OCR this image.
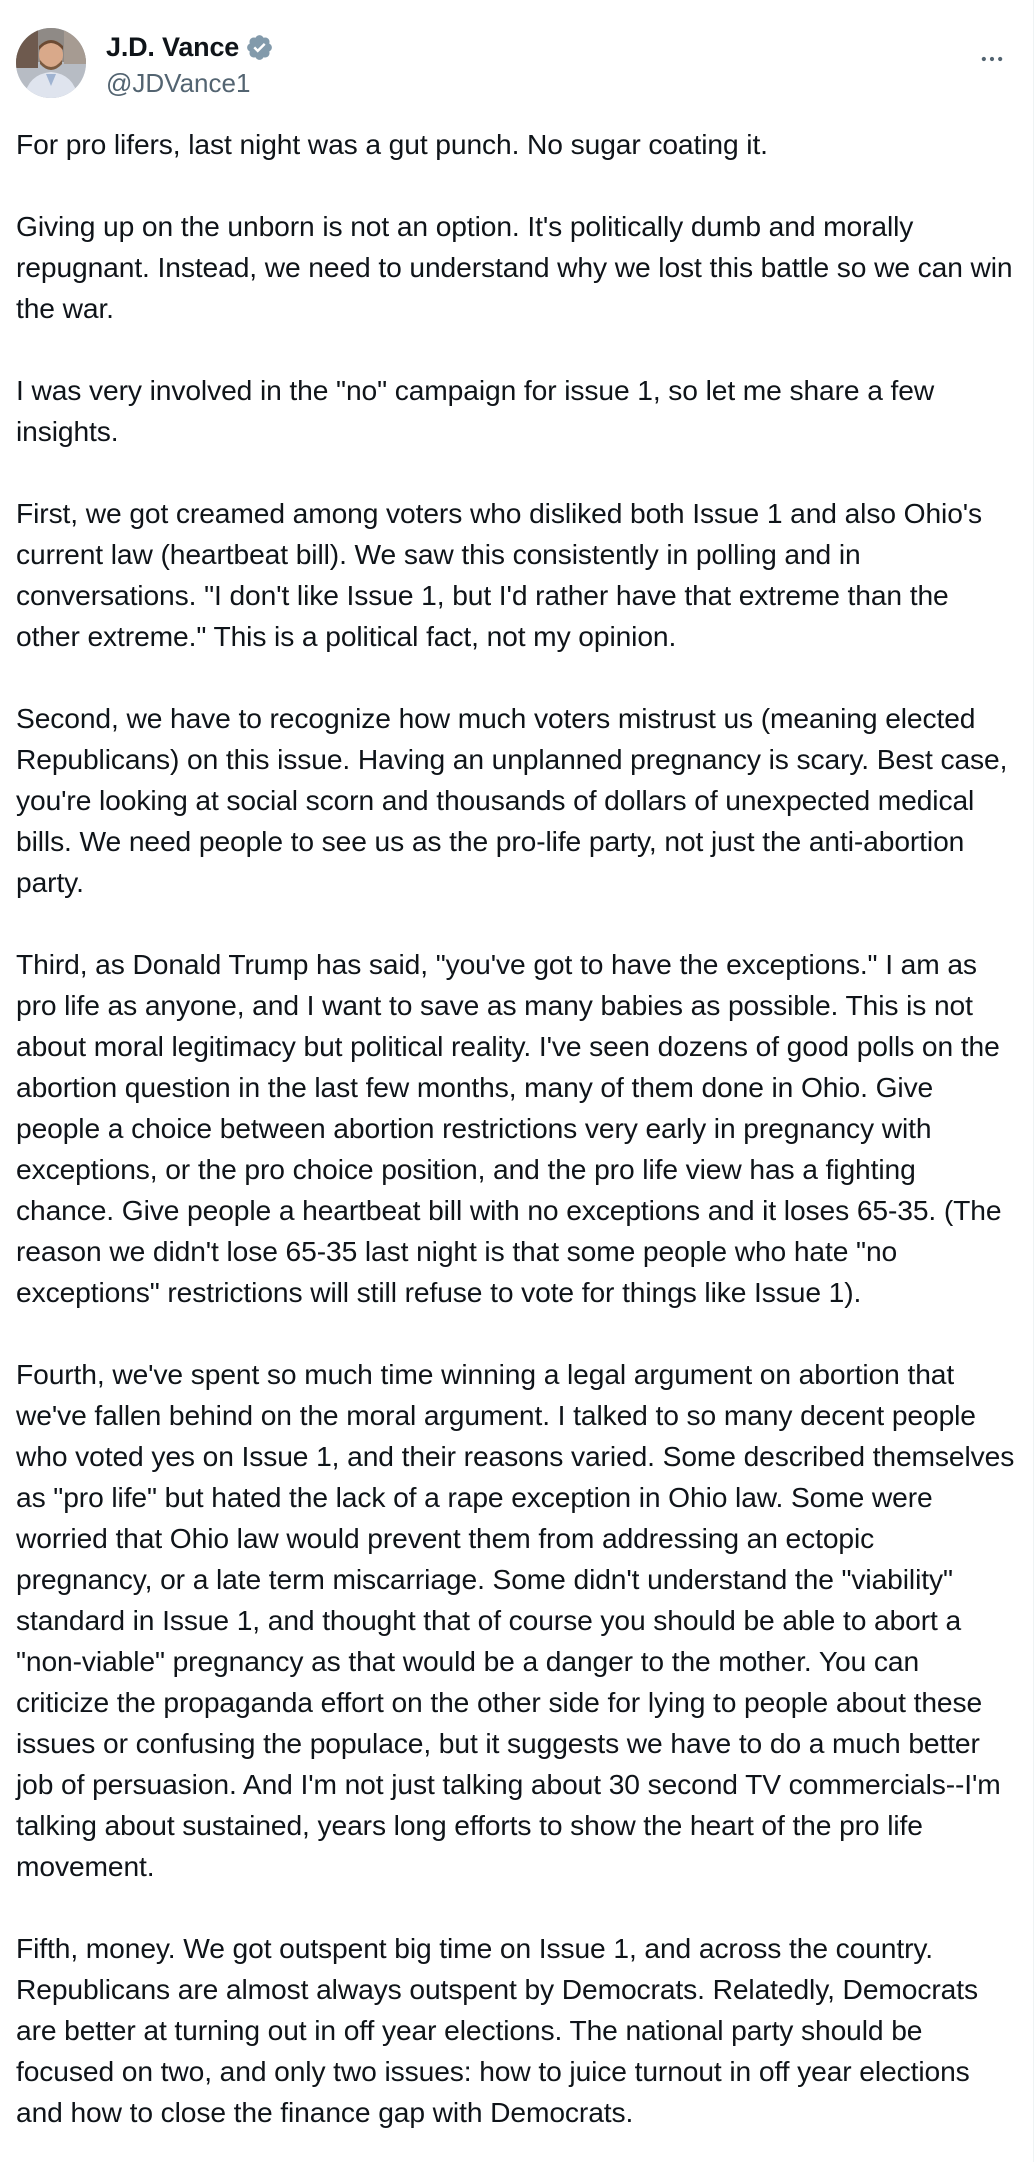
J.D. Vance
@JDVance1

For pro lifers, last night was a gut punch. No sugar coating it.

Giving up on the unborn is not an option. It's politically dumb and morally repugnant. Instead, we need to understand why we lost this battle so we can win the war.

I was very involved in the "no" campaign for issue 1, so let me share a few insights.

First, we got creamed among voters who disliked both Issue 1 and also Ohio's current law (heartbeat bill). We saw this consistently in polling and in conversations. "I don't like Issue 1, but I'd rather have that extreme than the other extreme." This is a political fact, not my opinion.

Second, we have to recognize how much voters mistrust us (meaning elected Republicans) on this issue. Having an unplanned pregnancy is scary. Best case, you're looking at social scorn and thousands of dollars of unexpected medical bills. We need people to see us as the pro-life party, not just the anti-abortion party.

Third, as Donald Trump has said, "you've got to have the exceptions." I am as pro life as anyone, and I want to save as many babies as possible. This is not about moral legitimacy but political reality. I've seen dozens of good polls on the abortion question in the last few months, many of them done in Ohio. Give people a choice between abortion restrictions very early in pregnancy with exceptions, or the pro choice position, and the pro life view has a fighting chance. Give people a heartbeat bill with no exceptions and it loses 65-35. (The reason we didn't lose 65-35 last night is that some people who hate "no exceptions" restrictions will still refuse to vote for things like Issue 1).

Fourth, we've spent so much time winning a legal argument on abortion that we've fallen behind on the moral argument. I talked to so many decent people who voted yes on Issue 1, and their reasons varied. Some described themselves as "pro life" but hated the lack of a rape exception in Ohio law. Some were worried that Ohio law would prevent them from addressing an ectopic pregnancy, or a late term miscarriage. Some didn't understand the "viability" standard in Issue 1, and thought that of course you should be able to abort a "non-viable" pregnancy as that would be a danger to the mother. You can criticize the propaganda effort on the other side for lying to people about these issues or confusing the populace, but it suggests we have to do a much better job of persuasion. And I'm not just talking about 30 second TV commercials--I'm talking about sustained, years long efforts to show the heart of the pro life movement.

Fifth, money. We got outspent big time on Issue 1, and across the country. Republicans are almost always outspent by Democrats. Relatedly, Democrats are better at turning out in off year elections. The national party should be focused on two, and only two issues: how to juice turnout in off year elections and how to close the finance gap with Democrats.
